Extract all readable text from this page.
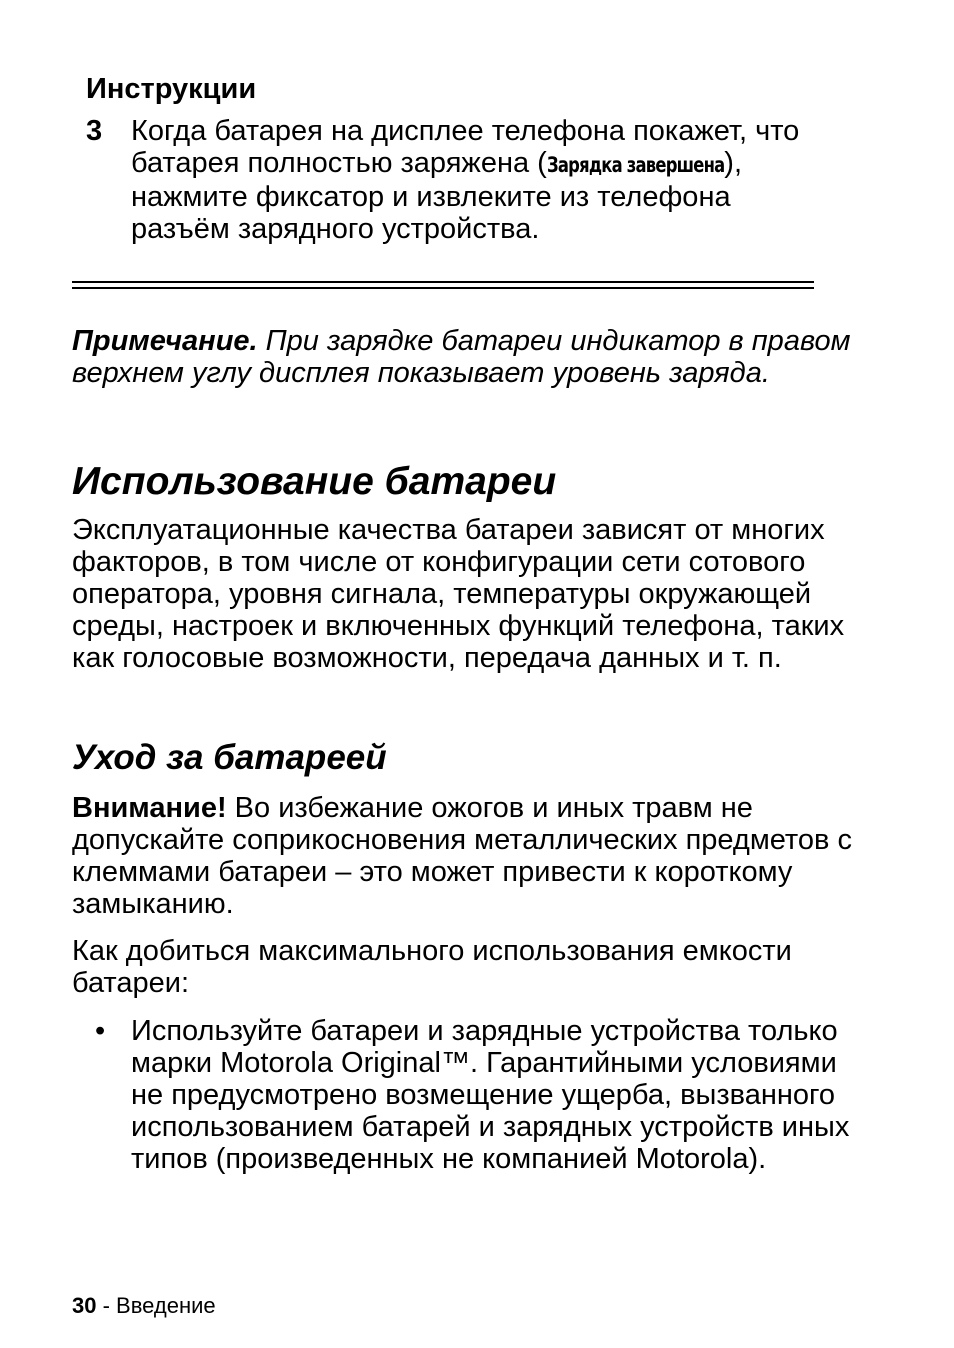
Инструкции
3 Когда батарея на дисплее телефона покажет, что батарея полностью заряжена (Зарядка завершена), нажмите фиксатор и извлеките из телефона разъём зарядного устройства.
Примечание. При зарядке батареи индикатор в правом верхнем углу дисплея показывает уровень заряда.
Использование батареи
Эксплуатационные качества батареи зависят от многих факторов, в том числе от конфигурации сети сотового оператора, уровня сигнала, температуры окружающей среды, настроек и включенных функций телефона, таких как голосовые возможности, передача данных и т. п.
Уход за батареей
Внимание! Во избежание ожогов и иных травм не допускайте соприкосновения металлических предметов с клеммами батареи – это может привести к короткому замыканию.
Как добиться максимального использования емкости батареи:
• Используйте батареи и зарядные устройства только марки Motorola Original™. Гарантийными условиями не предусмотрено возмещение ущерба, вызванного использованием батарей и зарядных устройств иных типов (произведенных не компанией Motorola).
30 - Введение
